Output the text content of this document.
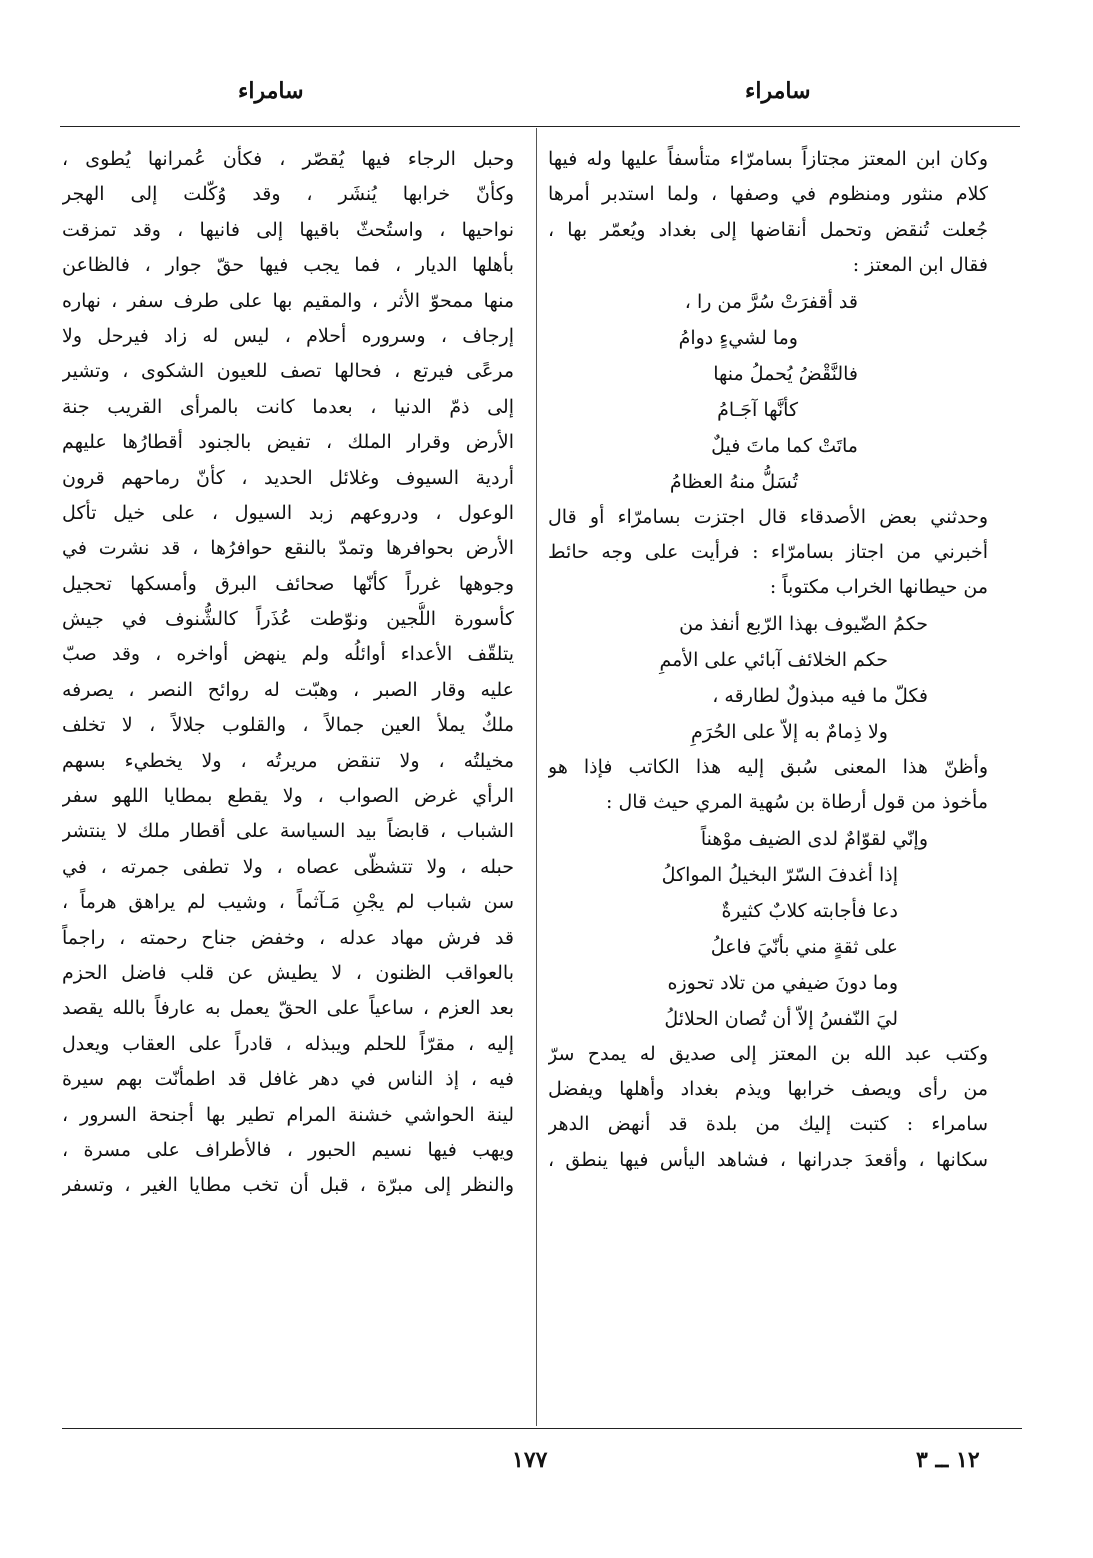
سامراء
سامراء
وكان ابن المعتز مجتازاً بسامرّاء متأسفاً عليها وله فيها
كلام منثور ومنظوم في وصفها ، ولما استدبر أمرها
جُعلت تُنقض وتحمل أنقاضها إلى بغداد ويُعمّر بها ،
فقال ابن المعتز :
قد أقفرَتْ سُرَّ من را ،
وما لشيءٍ دوامُ
فالنَّقْضُ يُحملُ منها
كأنَّها آجَـامُ
ماتَتْ كما ماتَ فيلٌ
تُسَلُّ منهُ العظامُ
وحدثني بعض الأصدقاء قال اجتزت بسامرّاء أو قال
أخبرني من اجتاز بسامرّاء : فرأيت على وجه حائط
من حيطانها الخراب مكتوباً :
حكمُ الضّيوف بهذا الرّبع أنفذ من
حكم الخلائف آبائي على الأممِ
فكلّ ما فيه مبذولٌ لطارقه ،
ولا ذِمامٌ به إلاّ على الحُرَمِ
وأظنّ هذا المعنى سُبق إليه هذا الكاتب فإذا هو
مأخوذ من قول أرطاة بن سُهية المري حيث قال :
وإنّي لقوّامٌ لدى الضيف موْهناً
إذا أغدفَ السّرّ البخيلُ المواكلُ
دعا فأجابته كلابٌ كثيرةٌ
على ثقةٍ مني بأنّيَ فاعلُ
وما دونَ ضيفي من تلاد تحوزه
ليَ النّفسُ إلاّ أن تُصان الحلائلُ
وكتب عبد الله بن المعتز إلى صديق له يمدح سرّ
من رأى ويصف خرابها ويذم بغداد وأهلها ويفضل
سامراء : كتبت إليك من بلدة قد أنهض الدهر
سكانها ، وأقعدَ جدرانها ، فشاهد اليأس فيها ينطق ،
وحبل الرجاء فيها يُقصّر ، فكأن عُمرانها يُطوى ،
وكأنّ خرابها يُنشَر ، وقد وُكّلت إلى الهجر
نواحيها ، واستُحثّ باقيها إلى فانيها ، وقد تمزقت
بأهلها الديار ، فما يجب فيها حقّ جوار ، فالظاعن
منها ممحوّ الأثر ، والمقيم بها على طرف سفر ، نهاره
إرجاف ، وسروره أحلام ، ليس له زاد فيرحل ولا
مرعًى فيرتع ، فحالها تصف للعيون الشكوى ، وتشير
إلى ذمّ الدنيا ، بعدما كانت بالمرأى القريب جنة
الأرض وقرار الملك ، تفيض بالجنود أقطارُها عليهم
أردية السيوف وغلائل الحديد ، كأنّ رماحهم قرون
الوعول ، ودروعهم زبد السيول ، على خيل تأكل
الأرض بحوافرها وتمدّ بالنقع حوافرُها ، قد نشرت في
وجوهها غرراً كأنّها صحائف البرق وأمسكها تحجيل
كأسورة اللُّجين ونوّطت عُذَراً كالشُّنوف في جيش
يتلقّف الأعداء أوائلُه ولم ينهض أواخره ، وقد صبّ
عليه وقار الصبر ، وهبّت له روائح النصر ، يصرفه
ملكٌ يملأ العين جمالاً ، والقلوب جلالاً ، لا تخلف
مخيلتُه ، ولا تنقض مريرتُه ، ولا يخطيء بسهم
الرأي غرض الصواب ، ولا يقطع بمطايا اللهو سفر
الشباب ، قابضاً بيد السياسة على أقطار ملك لا ينتشر
حبله ، ولا تتشظّى عصاه ، ولا تطفى جمرته ، في
سن شباب لم يجْنِ مَـآثماً ، وشيب لم يراهق هرماً ،
قد فرش مهاد عدله ، وخفض جناح رحمته ، راجماً
بالعواقب الظنون ، لا يطيش عن قلب فاضل الحزم
بعد العزم ، ساعياً على الحقّ يعمل به عارفاً بالله يقصد
إليه ، مقرّاً للحلم ويبذله ، قادراً على العقاب ويعدل
فيه ، إذ الناس في دهر غافل قد اطمأنّت بهم سيرة
لينة الحواشي خشنة المرام تطير بها أجنحة السرور ،
ويهب فيها نسيم الحبور ، فالأطراف على مسرة ،
والنظر إلى مبرّة ، قبل أن تخب مطايا الغير ، وتسفر
١٧٧	١٢ ــ ٣
